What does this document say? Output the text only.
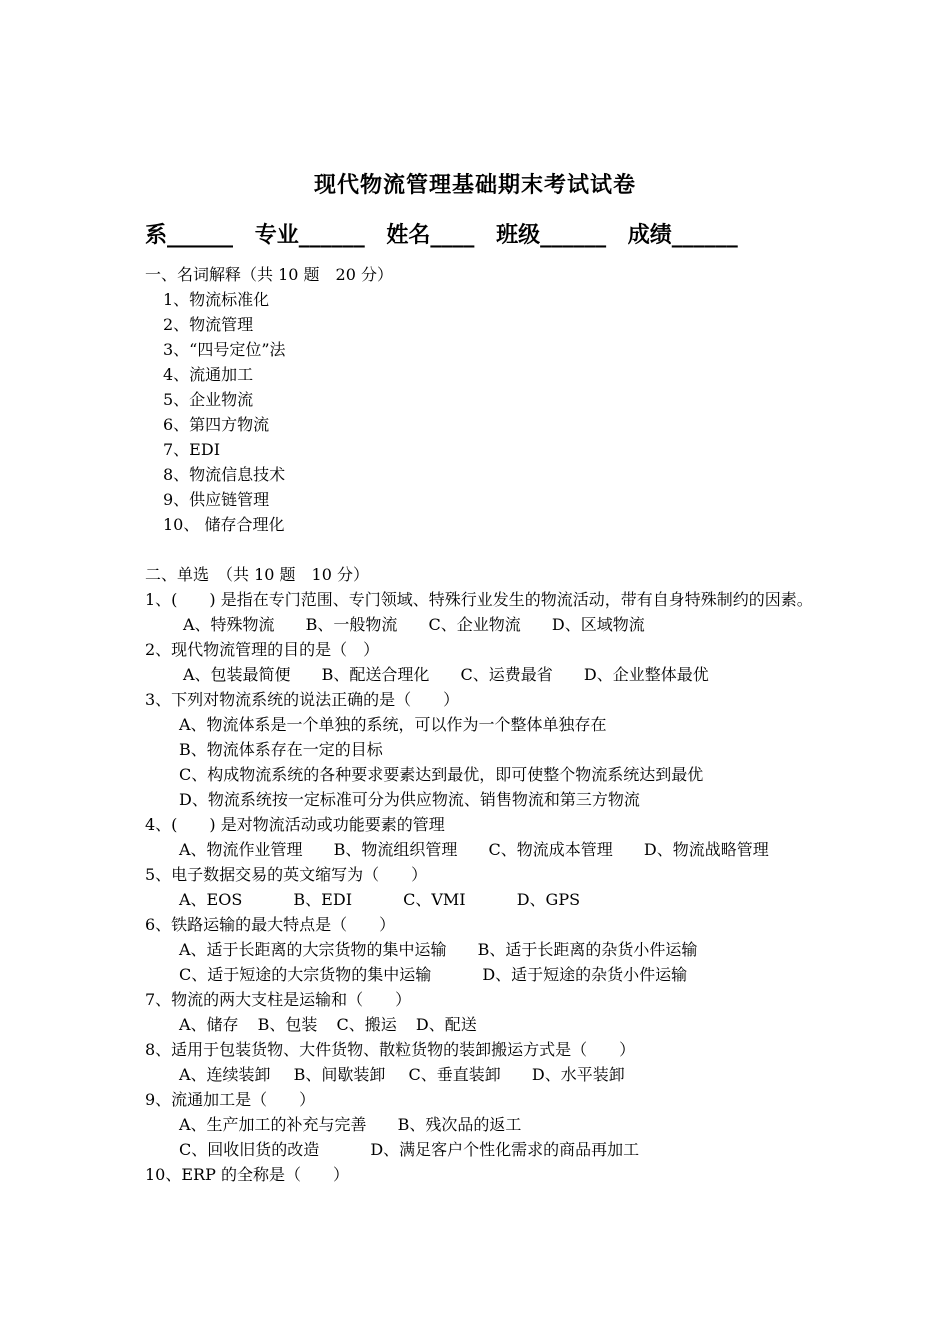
现代物流管理基础期末考试试卷
系______ 专业______ 姓名____ 班级______ 成绩______
一、名词解释（共 10 题　20 分）
1、物流标准化
2、物流管理
3、“四号定位”法
4、流通加工
5、企业物流
6、第四方物流
7、EDI
8、物流信息技术
9、供应链管理
10、 储存合理化
二、单选　（共 10 题　10 分）
1、(　　) 是指在专门范围、专门领域、特殊行业发生的物流活动，带有自身特殊制约的因素。
A、特殊物流 B、一般物流 C、企业物流 D、区域物流
2、现代物流管理的目的是（　）
A、包装最简便 B、配送合理化 C、运费最省 D、企业整体最优
3、下列对物流系统的说法正确的是（　　）
A、物流体系是一个单独的系统，可以作为一个整体单独存在
B、物流体系存在一定的目标
C、构成物流系统的各种要求要素达到最优，即可使整个物流系统达到最优
D、物流系统按一定标准可分为供应物流、销售物流和第三方物流
4、(　　) 是对物流活动或功能要素的管理
A、物流作业管理 B、物流组织管理 C、物流成本管理 D、物流战略管理
5、电子数据交易的英文缩写为（　　）
A、EOS	B、EDI	C、VMI	D、GPS
6、铁路运输的最大特点是（　　）
A、适于长距离的大宗货物的集中运输 B、适于长距离的杂货小件运输
C、适于短途的大宗货物的集中运输	D、适于短途的杂货小件运输
7、物流的两大支柱是运输和（　　）
A、储存 B、包装 C、搬运 D、配送
8、适用于包装货物、大件货物、散粒货物的装卸搬运方式是（　　）
A、连续装卸 B、间歇装卸 C、垂直装卸 D、水平装卸
9、流通加工是（　　）
A、生产加工的补充与完善 B、残次品的返工
C、回收旧货的改造	D、满足客户个性化需求的商品再加工
10、ERP 的全称是（　　）
